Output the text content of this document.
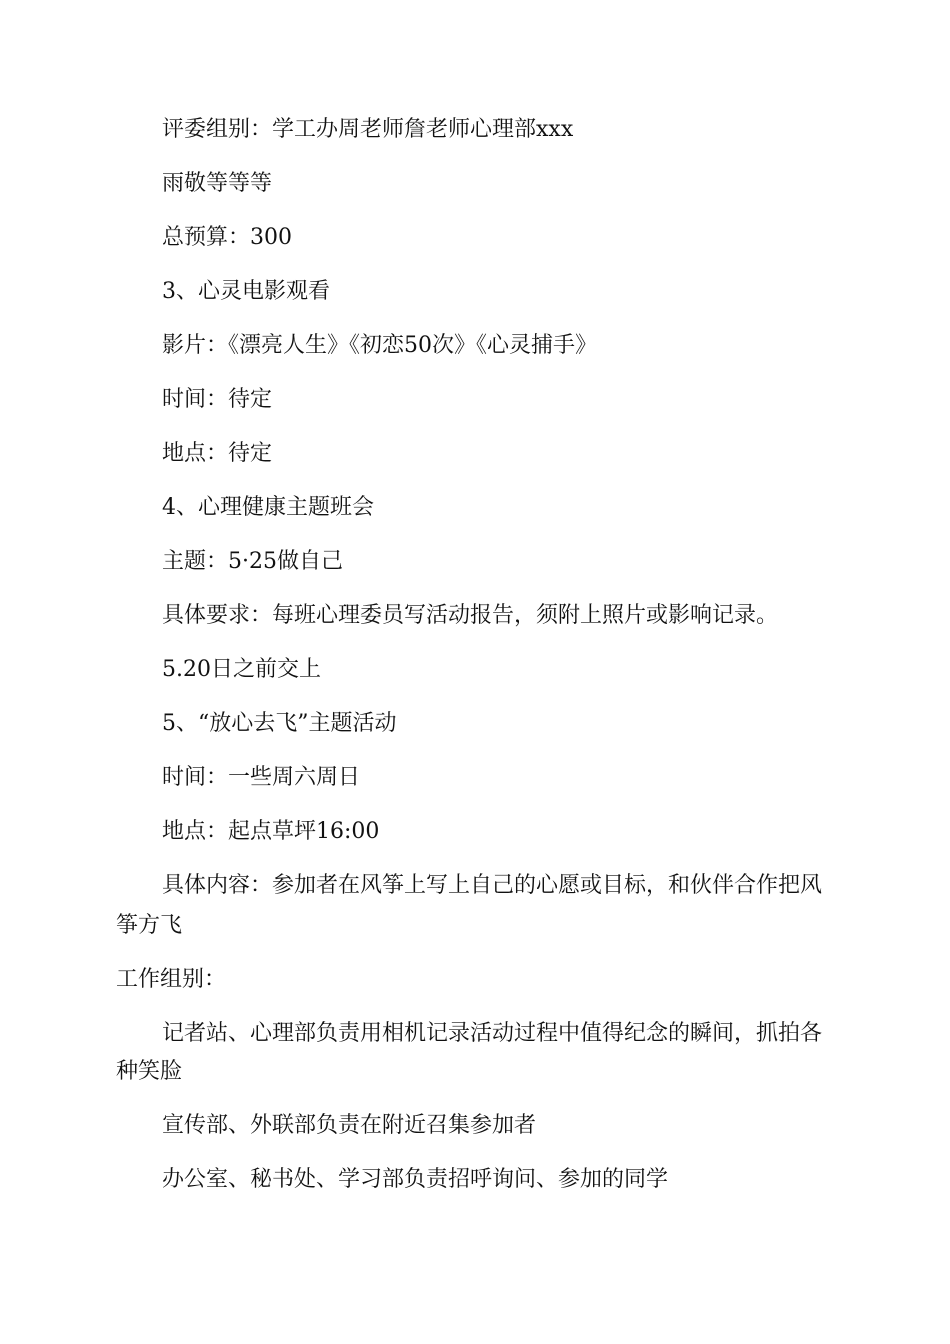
评委组别：学工办周老师詹老师心理部xxx
雨敬等等等
总预算：300
3、心灵电影观看
影片：《漂亮人生》《初恋50次》《心灵捕手》
时间：待定
地点：待定
4、心理健康主题班会
主题：5·25做自己
具体要求：每班心理委员写活动报告，须附上照片或影响记录。
5.20日之前交上
5、“放心去飞”主题活动
时间：一些周六周日
地点：起点草坪16:00
具体内容：参加者在风筝上写上自己的心愿或目标，和伙伴合作把风
筝方飞
工作组别：
记者站、心理部负责用相机记录活动过程中值得纪念的瞬间，抓拍各
种笑脸
宣传部、外联部负责在附近召集参加者
办公室、秘书处、学习部负责招呼询问、参加的同学
